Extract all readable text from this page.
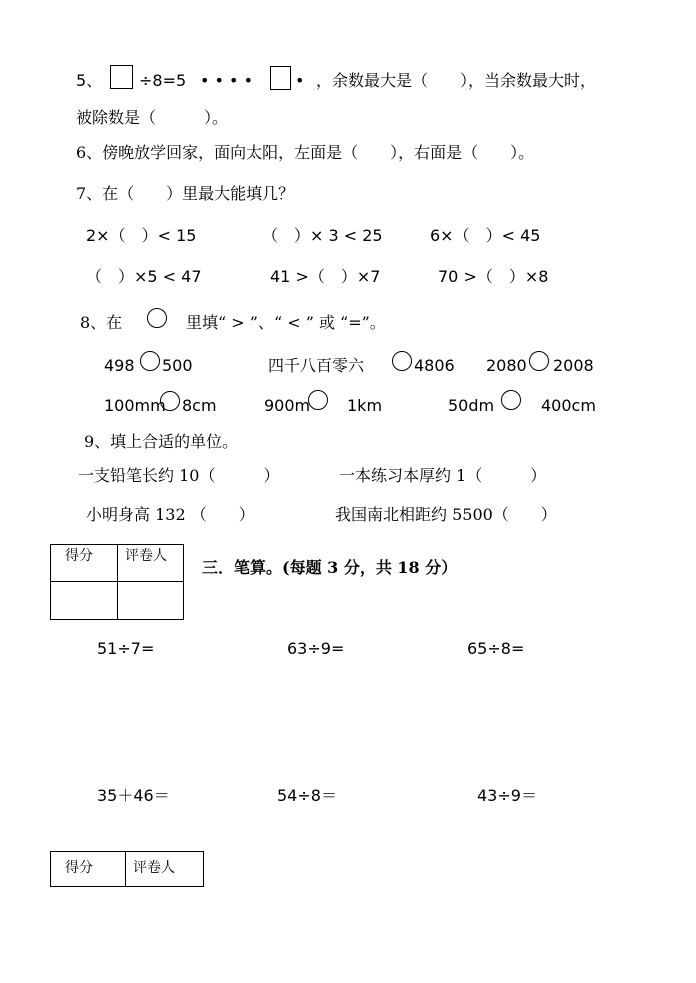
5、 ÷8=5 • • • •	• ，余数最大是（　　），当余数最大时，
被除数是（　　　）。
6、傍晚放学回家，面向太阳，左面是（　　），右面是（　　）。
7、在（　　）里最大能填几？
2×（　）< 15	（　）× 3 < 25	6×（　）< 45
（　）×5 < 47	41 >（　）×7	70 >（　）×8
8、在	里填“ > ”、“ < ” 或 “=”。
498 500	四千八百零六	4806 2080 2008
100mm 8cm	900m 1km	50dm	400cm
9、填上合适的单位。
一支铅笔长约 10（　　　）	一本练习本厚约 1（　　　）
小明身高 132 （　　）	我国南北相距约 5500（　　）
得分	评卷人

三．笔算。(每题 3 分，共 18 分）
51÷7=	63÷9=	65÷8=
35＋46＝	54÷8＝	43÷9＝
得分	评卷人
